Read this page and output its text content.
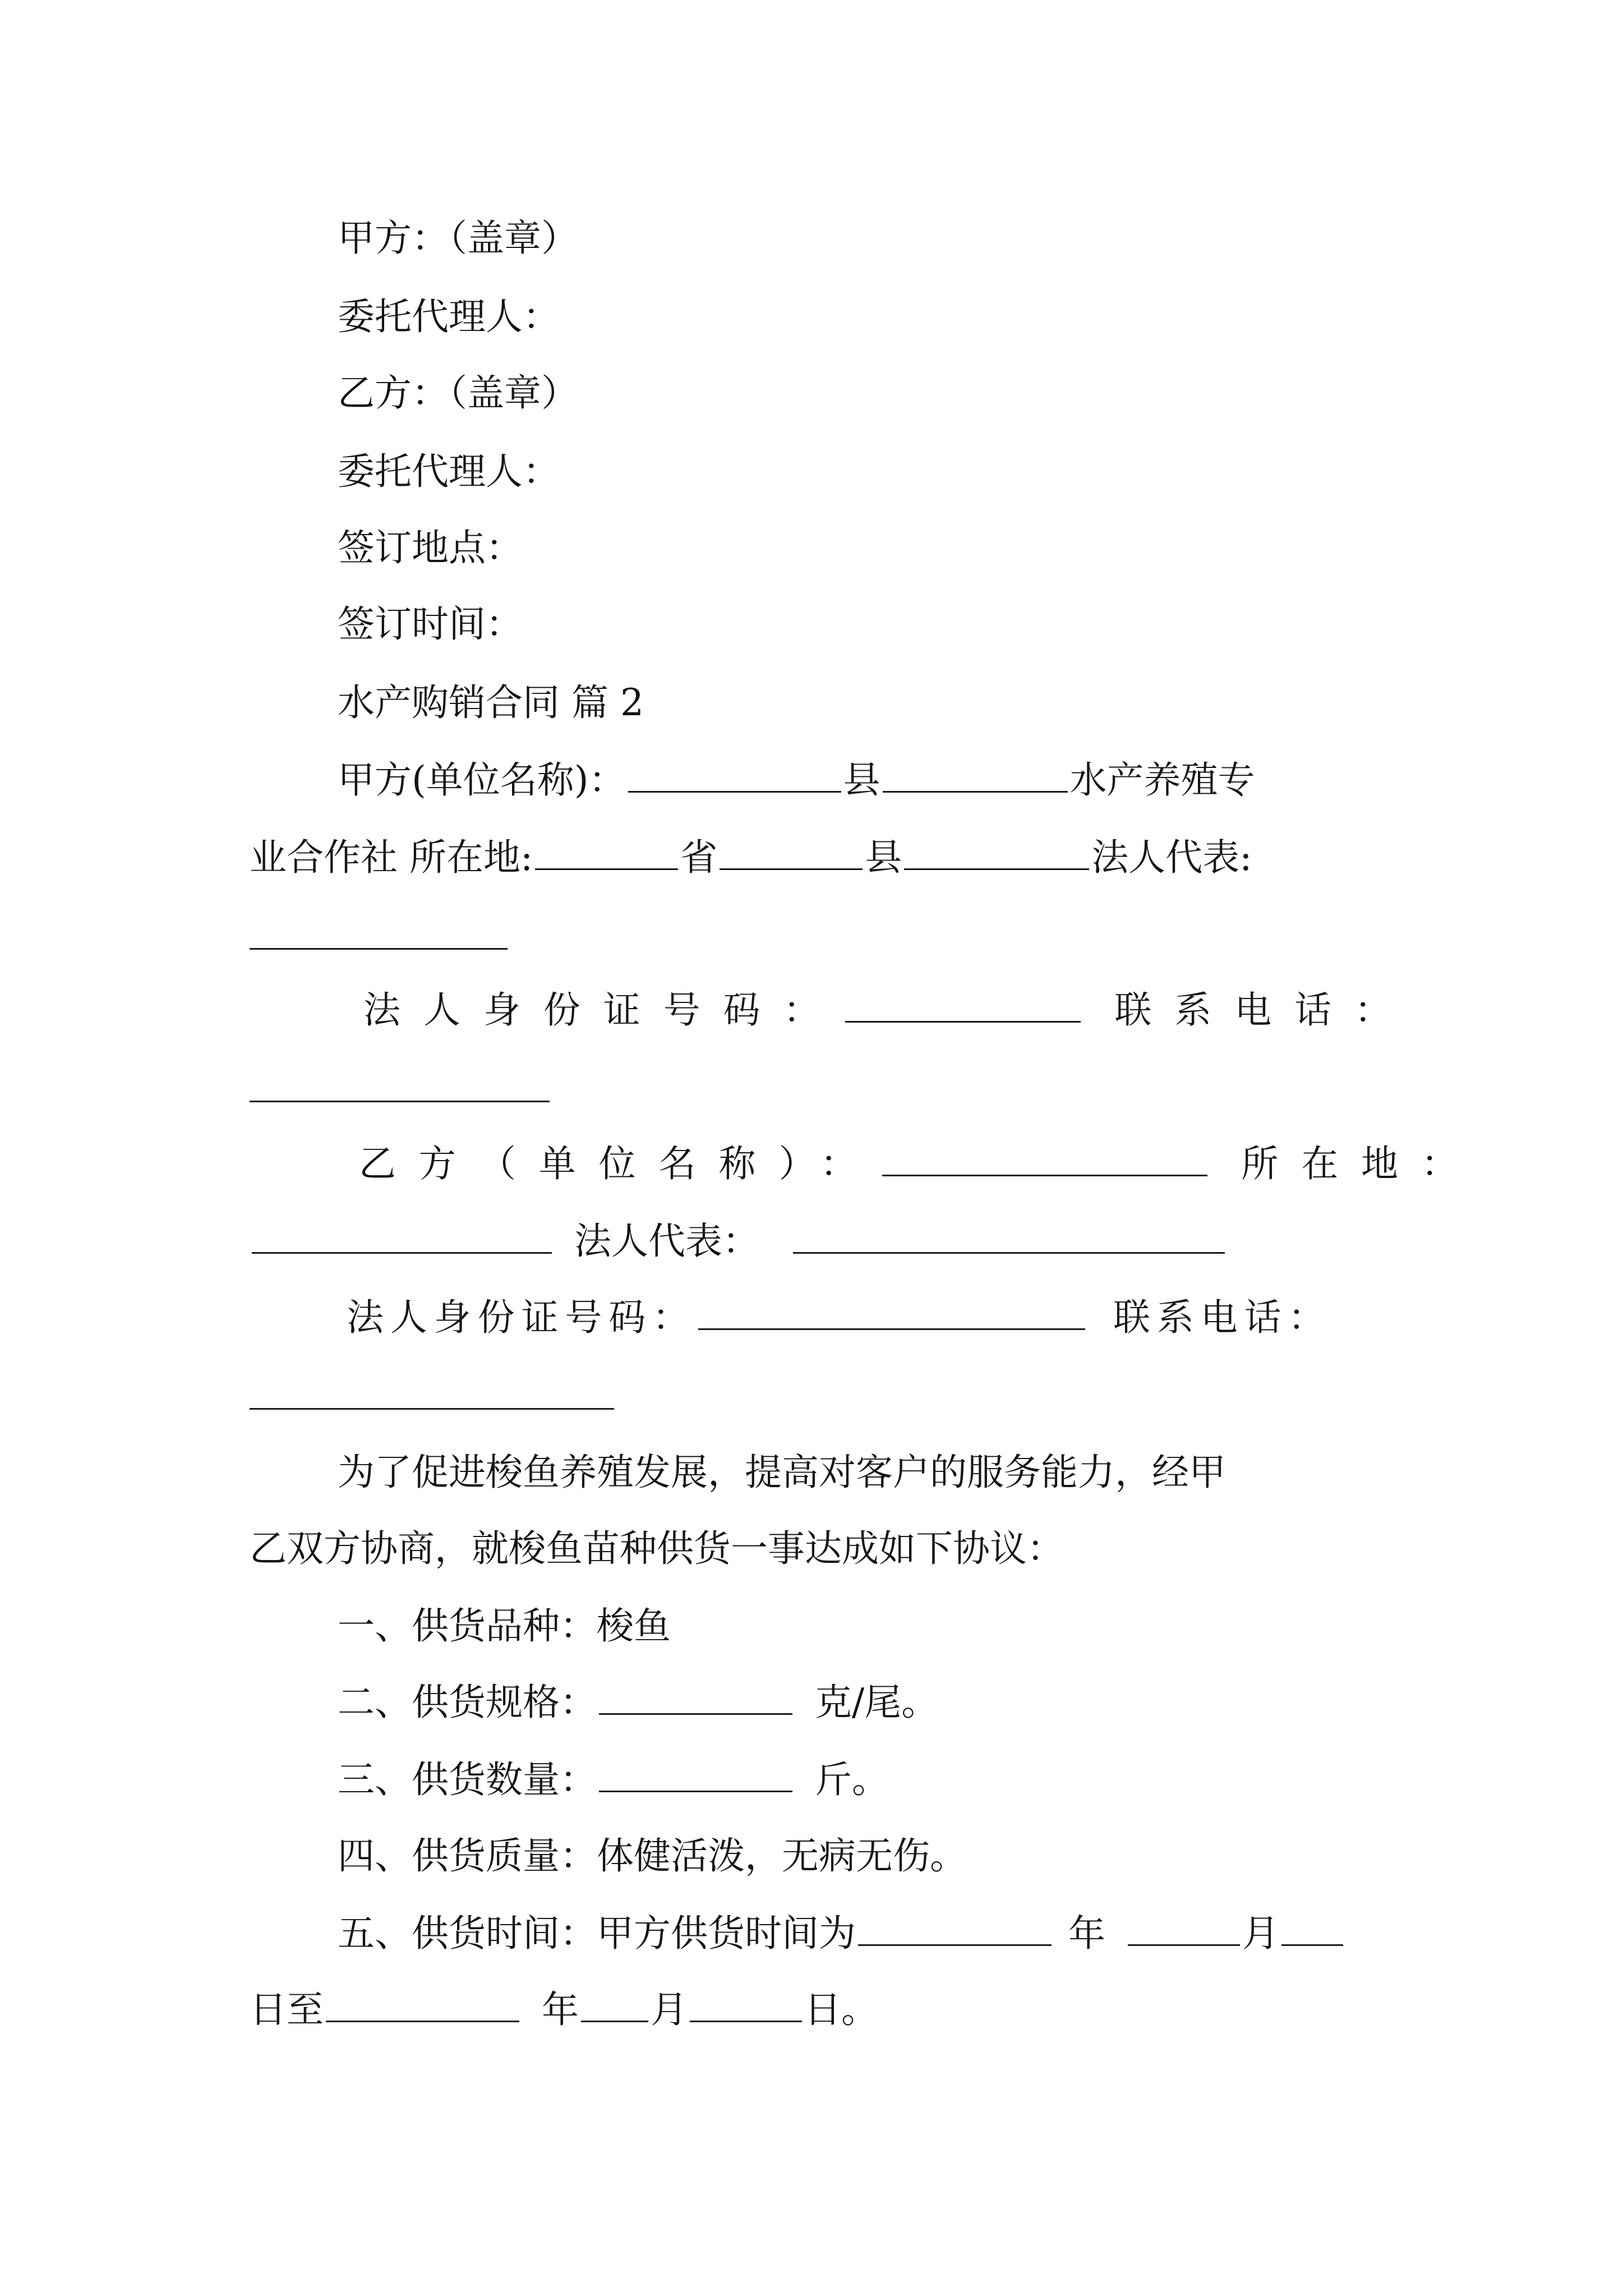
甲方：（盖章）
委托代理人：
乙方：（盖章）
委托代理人：
签订地点：
签订时间：
水产购销合同 篇 2
甲方(单位名称)：	县	水产养殖专
业合作社 所在地:	省	县	法人代表:
法人身份证号码：	联系电话：
乙方（单位名称）：	所在地：
法人代表：
法人身份证号码：	联系电话：
为了促进梭鱼养殖发展，提高对客户的服务能力，经甲
乙双方协商，就梭鱼苗种供货一事达成如下协议：
一、供货品种：梭鱼
二、供货规格：	克/尾。
三、供货数量：	斤。
四、供货质量：体健活泼，无病无伤。
五、供货时间：甲方供货时间为	年	月
日至	年 月	日。
